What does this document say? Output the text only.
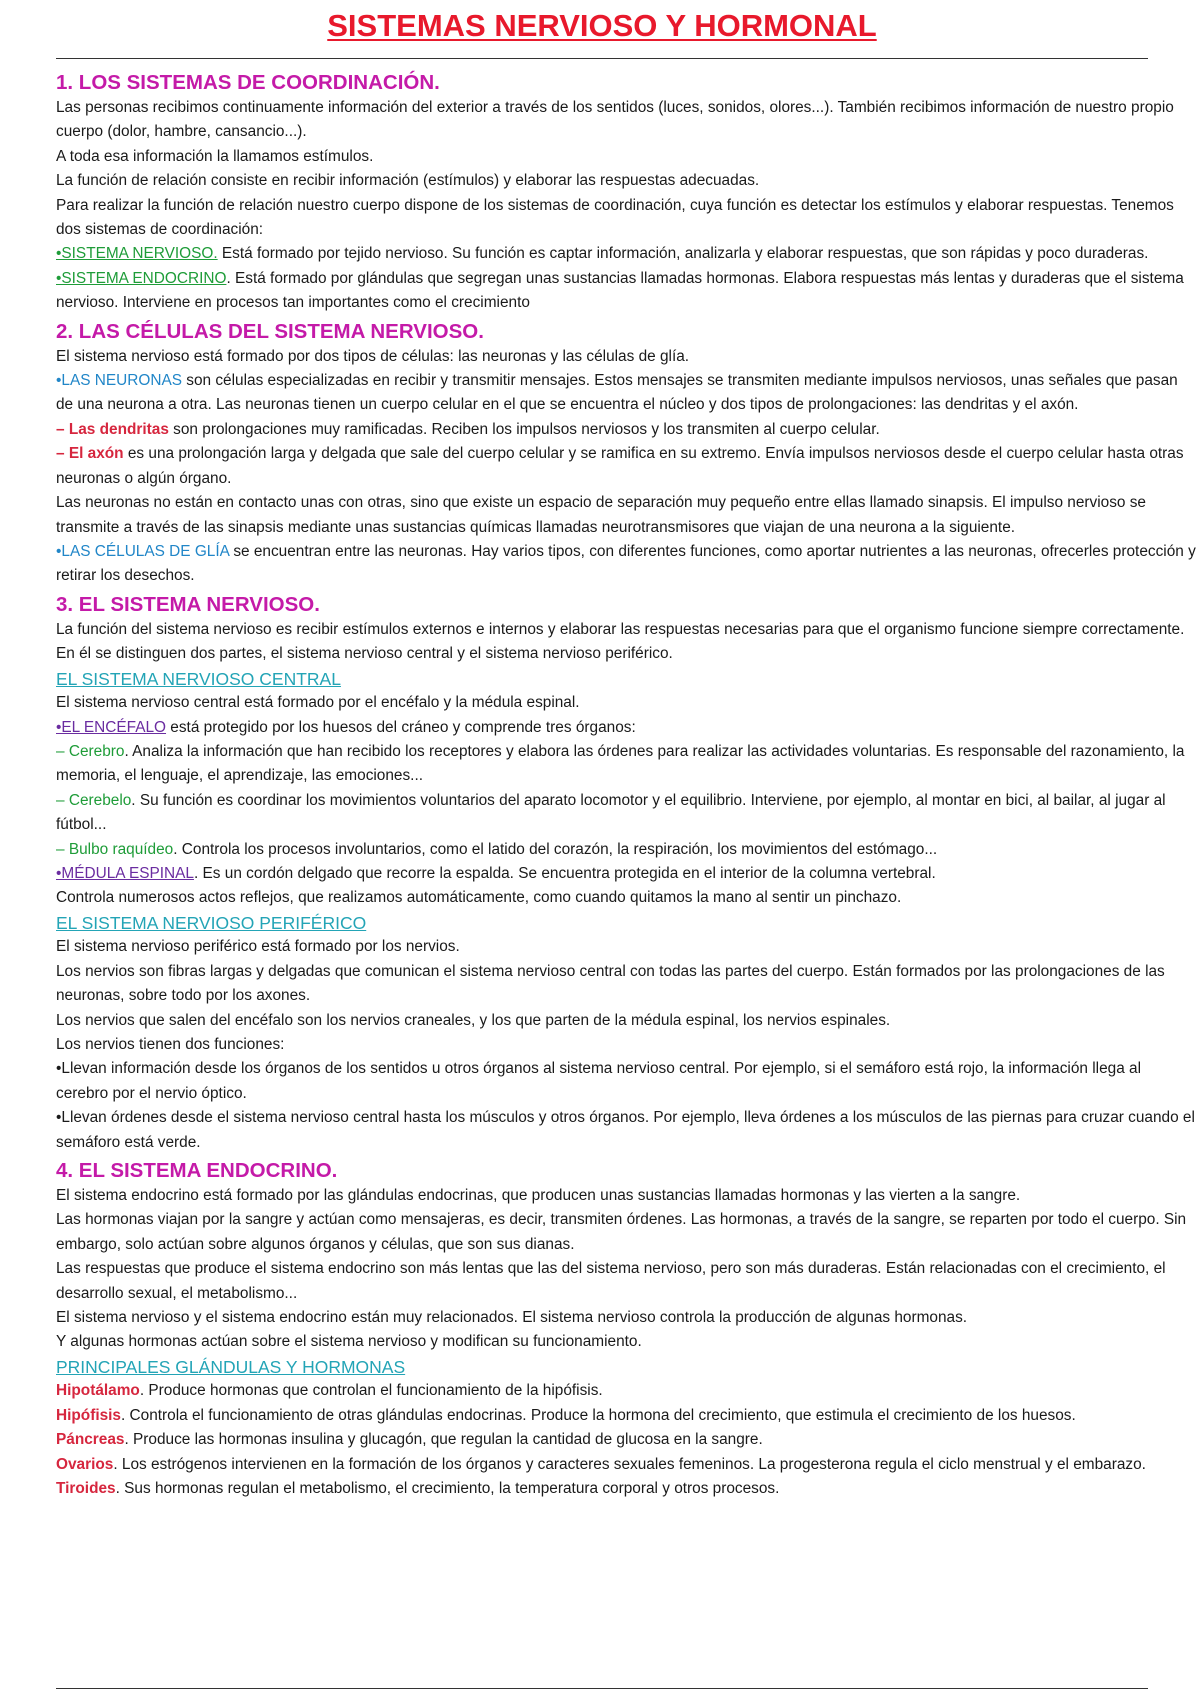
SISTEMAS NERVIOSO Y HORMONAL
1. LOS SISTEMAS DE COORDINACIÓN.

Las personas recibimos continuamente información del exterior a través de los sentidos (luces, sonidos, olores...). También recibimos información de nuestro propio cuerpo (dolor, hambre, cansancio...).

A toda esa información la llamamos estímulos.

La función de relación consiste en recibir información (estímulos) y elaborar las respuestas adecuadas.

Para realizar la función de relación nuestro cuerpo dispone de los sistemas de coordinación, cuya función es detectar los estímulos y elaborar respuestas. Tenemos dos sistemas de coordinación:

•SISTEMA NERVIOSO. Está formado por tejido nervioso. Su función es captar información, analizarla y elaborar respuestas, que son rápidas y poco duraderas.

•SISTEMA ENDOCRINO. Está formado por glándulas que segregan unas sustancias llamadas hormonas. Elabora respuestas más lentas y duraderas que el sistema nervioso. Interviene en procesos tan importantes como el crecimiento

2. LAS CÉLULAS DEL SISTEMA NERVIOSO.

El sistema nervioso está formado por dos tipos de células: las neuronas y las células de glía.

•LAS NEURONAS son células especializadas en recibir y transmitir mensajes. Estos mensajes se transmiten mediante impulsos nerviosos, unas señales que pasan de una neurona a otra. Las neuronas tienen un cuerpo celular en el que se encuentra el núcleo y dos tipos de prolongaciones: las dendritas y el axón.

– Las dendritas son prolongaciones muy ramificadas. Reciben los impulsos nerviosos y los transmiten al cuerpo celular.

– El axón es una prolongación larga y delgada que sale del cuerpo celular y se ramifica en su extremo. Envía impulsos nerviosos desde el cuerpo celular hasta otras neuronas o algún órgano.

Las neuronas no están en contacto unas con otras, sino que existe un espacio de separación muy pequeño entre ellas llamado sinapsis. El impulso nervioso se transmite a través de las sinapsis mediante unas sustancias químicas llamadas neurotransmisores que viajan de una neurona a la siguiente.

•LAS CÉLULAS DE GLÍA se encuentran entre las neuronas. Hay varios tipos, con diferentes funciones, como aportar nutrientes a las neuronas, ofrecerles protección y retirar los desechos.

3. EL SISTEMA NERVIOSO.

La función del sistema nervioso es recibir estímulos externos e internos y elaborar las respuestas necesarias para que el organismo funcione siempre correctamente. En él se distinguen dos partes, el sistema nervioso central y el sistema nervioso periférico.

EL SISTEMA NERVIOSO CENTRAL

El sistema nervioso central está formado por el encéfalo y la médula espinal.

•EL ENCÉFALO está protegido por los huesos del cráneo y comprende tres órganos:

– Cerebro. Analiza la información que han recibido los receptores y elabora las órdenes para realizar las actividades voluntarias. Es responsable del razonamiento, la memoria, el lenguaje, el aprendizaje, las emociones...

– Cerebelo. Su función es coordinar los movimientos voluntarios del aparato locomotor y el equilibrio. Interviene, por ejemplo, al montar en bici, al bailar, al jugar al fútbol...

– Bulbo raquídeo. Controla los procesos involuntarios, como el latido del corazón, la respiración, los movimientos del estómago...

•MÉDULA ESPINAL. Es un cordón delgado que recorre la espalda. Se encuentra protegida en el interior de la columna vertebral.

Controla numerosos actos reflejos, que realizamos automáticamente, como cuando quitamos la mano al sentir un pinchazo.

EL SISTEMA NERVIOSO PERIFÉRICO

El sistema nervioso periférico está formado por los nervios.

Los nervios son fibras largas y delgadas que comunican el sistema nervioso central con todas las partes del cuerpo. Están formados por las prolongaciones de las neuronas, sobre todo por los axones.

Los nervios que salen del encéfalo son los nervios craneales, y los que parten de la médula espinal, los nervios espinales.

Los nervios tienen dos funciones:

•Llevan información desde los órganos de los sentidos u otros órganos al sistema nervioso central. Por ejemplo, si el semáforo está rojo, la información llega al cerebro por el nervio óptico.

•Llevan órdenes desde el sistema nervioso central hasta los músculos y otros órganos. Por ejemplo, lleva órdenes a los músculos de las piernas para cruzar cuando el semáforo está verde.

4. EL SISTEMA ENDOCRINO.

El sistema endocrino está formado por las glándulas endocrinas, que producen unas sustancias llamadas hormonas y las vierten a la sangre.

Las hormonas viajan por la sangre y actúan como mensajeras, es decir, transmiten órdenes. Las hormonas, a través de la sangre, se reparten por todo el cuerpo. Sin embargo, solo actúan sobre algunos órganos y células, que son sus dianas.

Las respuestas que produce el sistema endocrino son más lentas que las del sistema nervioso, pero son más duraderas. Están relacionadas con el crecimiento, el desarrollo sexual, el metabolismo...

El sistema nervioso y el sistema endocrino están muy relacionados. El sistema nervioso controla la producción de algunas hormonas.

Y algunas hormonas actúan sobre el sistema nervioso y modifican su funcionamiento.

PRINCIPALES GLÁNDULAS Y HORMONAS

Hipotálamo. Produce hormonas que controlan el funcionamiento de la hipófisis.

Hipófisis. Controla el funcionamiento de otras glándulas endocrinas. Produce la hormona del crecimiento, que estimula el crecimiento de los huesos.

Páncreas. Produce las hormonas insulina y glucagón, que regulan la cantidad de glucosa en la sangre.

Ovarios. Los estrógenos intervienen en la formación de los órganos y caracteres sexuales femeninos. La progesterona regula el ciclo menstrual y el embarazo.

Tiroides. Sus hormonas regulan el metabolismo, el crecimiento, la temperatura corporal y otros procesos.
